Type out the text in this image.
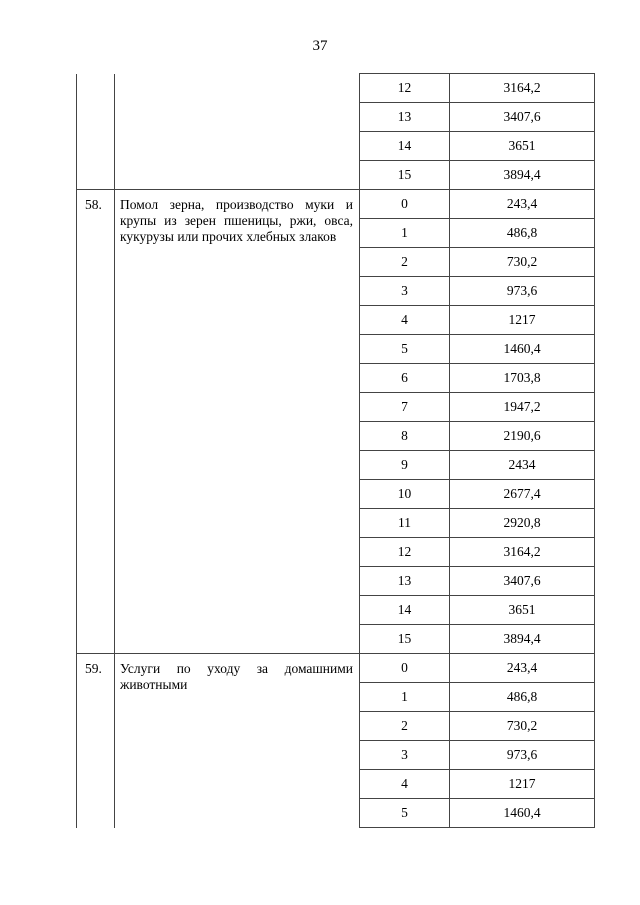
37
		12	3164,2
		13	3407,6
		14	3651
		15	3894,4
58.	Помол зерна, производство муки и крупы из зерен пшеницы, ржи, овса, кукурузы или прочих хлебных злаков	0	243,4
		1	486,8
		2	730,2
		3	973,6
		4	1217
		5	1460,4
		6	1703,8
		7	1947,2
		8	2190,6
		9	2434
		10	2677,4
		11	2920,8
		12	3164,2
		13	3407,6
		14	3651
		15	3894,4
59.	Услуги по уходу за домашними животными	0	243,4
		1	486,8
		2	730,2
		3	973,6
		4	1217
		5	1460,4
